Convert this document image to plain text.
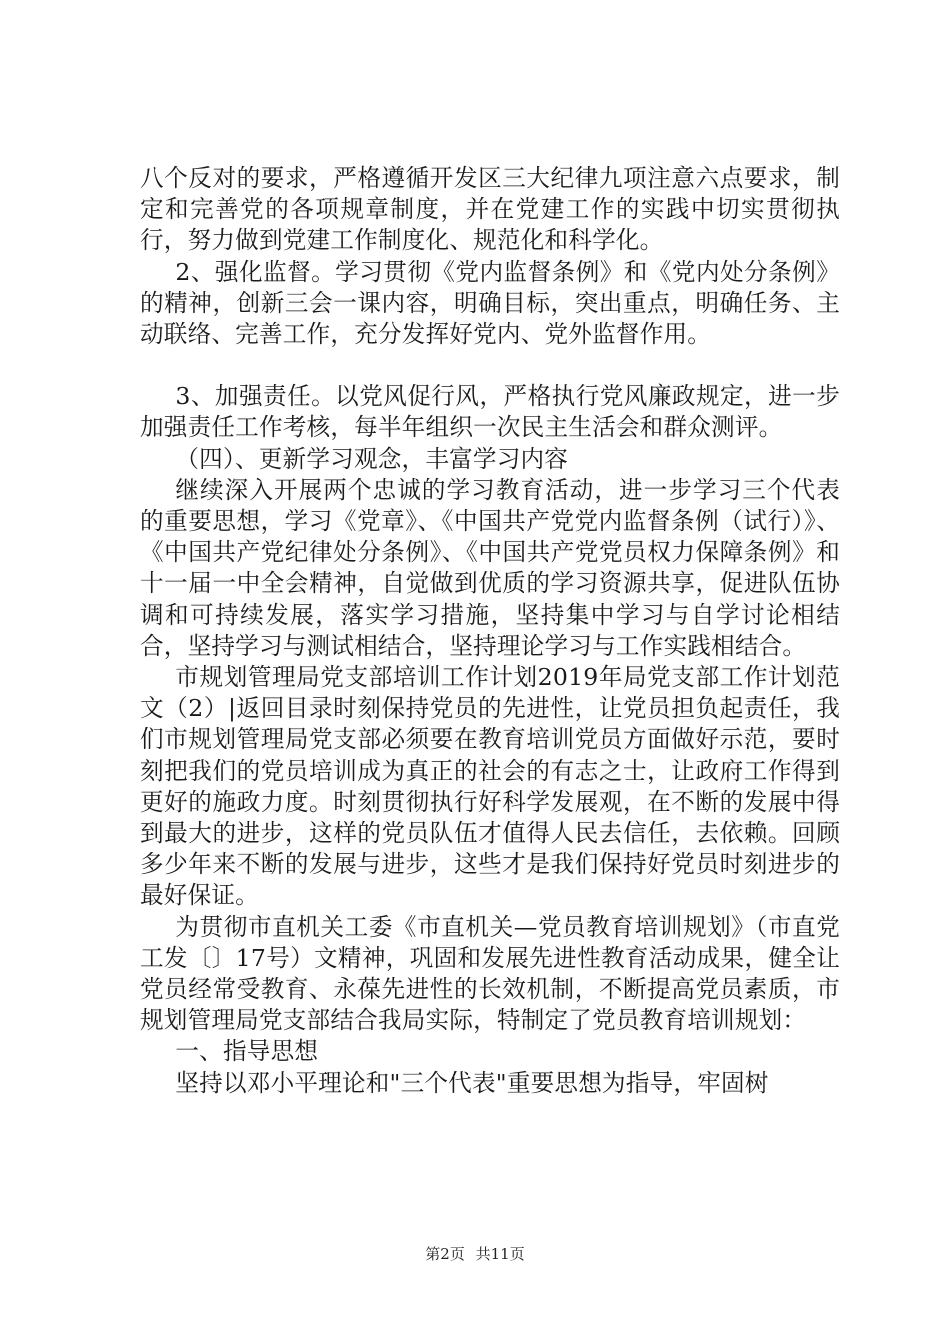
八个反对的要求，严格遵循开发区三大纪律九项注意六点要求，制定和完善党的各项规章制度，并在党建工作的实践中切实贯彻执行，努力做到党建工作制度化、规范化和科学化。

2、强化监督。学习贯彻《党内监督条例》和《党内处分条例》的精神，创新三会一课内容，明确目标，突出重点，明确任务、主动联络、完善工作，充分发挥好党内、党外监督作用。

3、加强责任。以党风促行风，严格执行党风廉政规定，进一步加强责任工作考核，每半年组织一次民主生活会和群众测评。

（四）、更新学习观念，丰富学习内容

继续深入开展两个忠诚的学习教育活动，进一步学习三个代表的重要思想，学习《党章》、《中国共产党党内监督条例（试行）》、《中国共产党纪律处分条例》、《中国共产党党员权力保障条例》和十一届一中全会精神，自觉做到优质的学习资源共享，促进队伍协调和可持续发展，落实学习措施，坚持集中学习与自学讨论相结合，坚持学习与测试相结合，坚持理论学习与工作实践相结合。

市规划管理局党支部培训工作计划2019年局党支部工作计划范文（2）|返回目录时刻保持党员的先进性，让党员担负起责任，我们市规划管理局党支部必须要在教育培训党员方面做好示范，要时刻把我们的党员培训成为真正的社会的有志之士，让政府工作得到更好的施政力度。时刻贯彻执行好科学发展观，在不断的发展中得到最大的进步，这样的党员队伍才值得人民去信任，去依赖。回顾多少年来不断的发展与进步，这些才是我们保持好党员时刻进步的最好保证。

为贯彻市直机关工委《市直机关—党员教育培训规划》（市直党工发〔〕17号）文精神，巩固和发展先进性教育活动成果，健全让党员经常受教育、永葆先进性的长效机制，不断提高党员素质，市规划管理局党支部结合我局实际，特制定了党员教育培训规划：

一、指导思想

坚持以邓小平理论和"三个代表"重要思想为指导，牢固树

第2页 共11页
